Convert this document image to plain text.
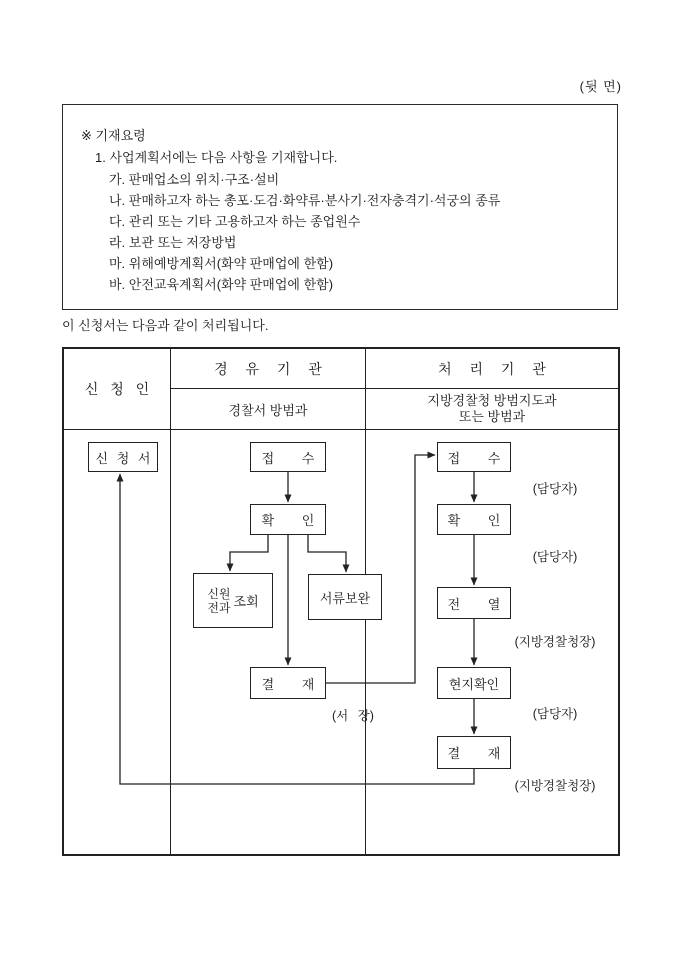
(뒷 면)
※ 기재요령
1. 사업계획서에는 다음 사항을 기재합니다.
가. 판매업소의 위치·구조·설비
나. 판매하고자 하는 총포·도검·화약류·분사기·전자충격기·석궁의 종류
다. 관리 또는 기타 고용하고자 하는 종업원수
라. 보관 또는 저장방법
마. 위해예방계획서(화약 판매업에 한함)
바. 안전교육계획서(화약 판매업에 한함)
이 신청서는 다음과 같이 처리됩니다.
신 청 인
경 유 기 관	처 리 기 관
경찰서 방범과
지방경찰청 방범지도과
또는 방범과
신 청 서	접 수
확 인
신원
전과 조회	서류보완
결 재
(서 장)
접 수
확 인
전 열
현지확인
결 재
(담당자)
(담당자)
(지방경찰청장)
(담당자)
(지방경찰청장)
